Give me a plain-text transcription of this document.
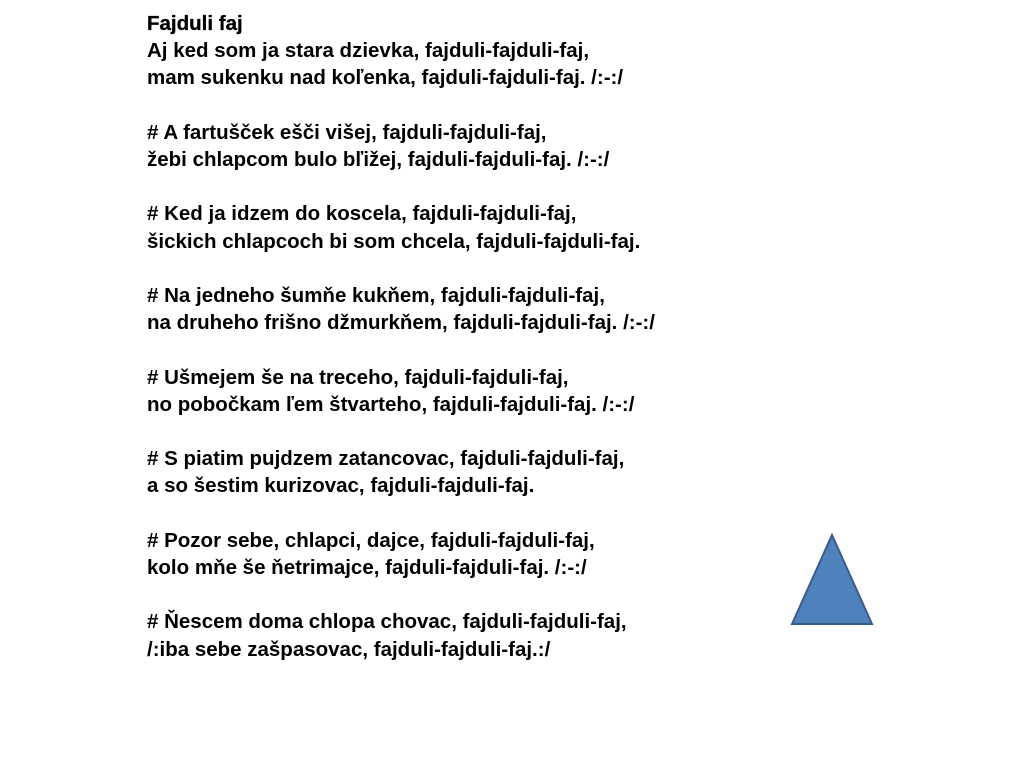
Fajduli faj
Aj ked som ja stara dzievka, fajduli-fajduli-faj,
mam sukenku nad koľenka, fajduli-fajduli-faj. /:-:/
# A fartušček ešči višej, fajduli-fajduli-faj,
žebi chlapcom bulo bľižej, fajduli-fajduli-faj. /:-:/
# Ked ja idzem do koscela, fajduli-fajduli-faj,
šickich chlapcoch bi som chcela, fajduli-fajduli-faj.
# Na jedneho šumňe kukňem, fajduli-fajduli-faj,
na druheho frišno džmurkňem, fajduli-fajduli-faj. /:-:/
# Ušmejem še na treceho, fajduli-fajduli-faj,
no pobočkam ľem štvarteho, fajduli-fajduli-faj. /:-:/
# S piatim pujdzem zatancovac, fajduli-fajduli-faj,
a so šestim kurizovac, fajduli-fajduli-faj.
# Pozor sebe, chlapci, dajce, fajduli-fajduli-faj,
kolo mňe še ňetrimajce, fajduli-fajduli-faj. /:-:/
# Ňescem doma chlopa chovac, fajduli-fajduli-faj,
/:iba sebe zašpasovac, fajduli-fajduli-faj.:/
